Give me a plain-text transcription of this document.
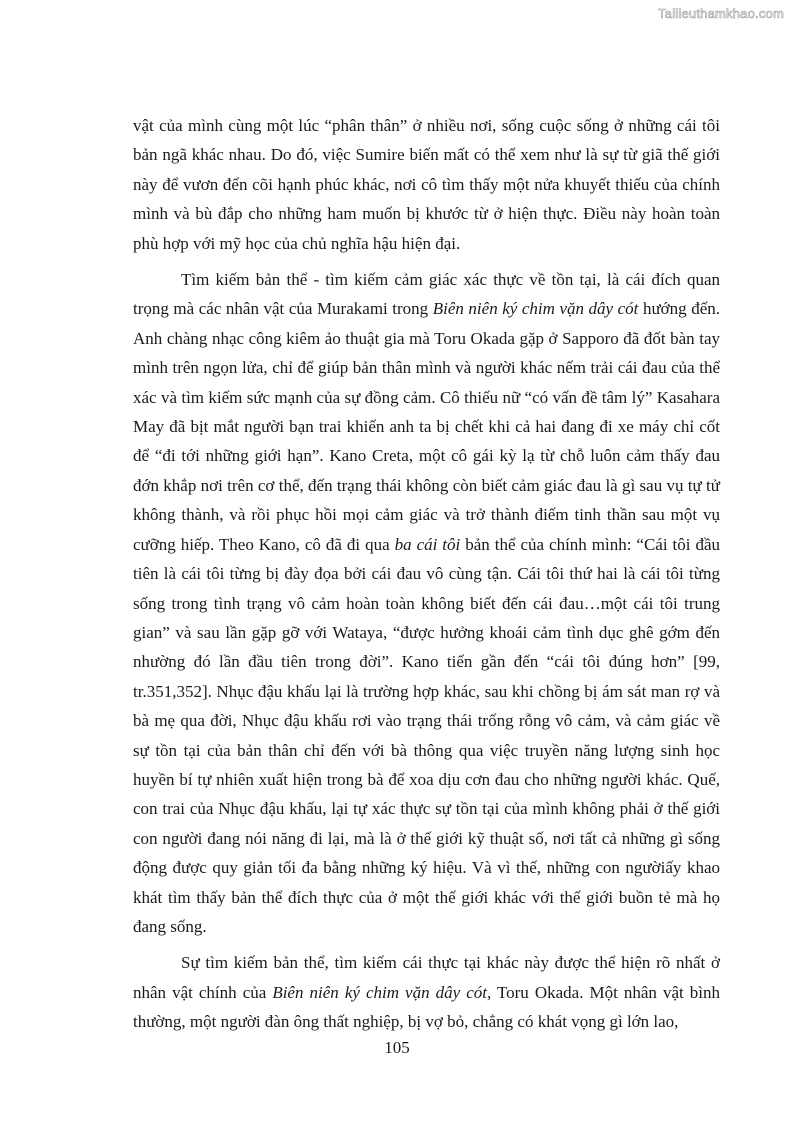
Tailieuthamkhao.com

vật của mình cùng một lúc “phân thân” ở nhiều nơi, sống cuộc sống ở những cái tôi bản ngã khác nhau. Do đó, việc Sumire biến mất có thể xem như là sự từ giã thế giới này để vươn đến cõi hạnh phúc khác, nơi cô tìm thấy một nửa khuyết thiếu của chính mình và bù đắp cho những ham muốn bị khước từ ở hiện thực. Điều này hoàn toàn phù hợp với mỹ học của chủ nghĩa hậu hiện đại.

Tìm kiếm bản thể - tìm kiếm cảm giác xác thực về tồn tại, là cái đích quan trọng mà các nhân vật của Murakami trong Biên niên ký chim vặn dây cót hướng đến. Anh chàng nhạc công kiêm ảo thuật gia mà Toru Okada gặp ở Sapporo đã đốt bàn tay mình trên ngọn lửa, chỉ để giúp bản thân mình và người khác nếm trải cái đau của thể xác và tìm kiếm sức mạnh của sự đồng cảm. Cô thiếu nữ “có vấn đề tâm lý” Kasahara May đã bịt mắt người bạn trai khiến anh ta bị chết khi cả hai đang đi xe máy chỉ cốt để “đi tới những giới hạn”. Kano Creta, một cô gái kỳ lạ từ chỗ luôn cảm thấy đau đớn khắp nơi trên cơ thể, đến trạng thái không còn biết cảm giác đau là gì sau vụ tự tử không thành, và rồi phục hồi mọi cảm giác và trở thành điếm tinh thần sau một vụ cưỡng hiếp. Theo Kano, cô đã đi qua ba cái tôi bản thể của chính mình: “Cái tôi đầu tiên là cái tôi từng bị đày đọa bởi cái đau vô cùng tận. Cái tôi thứ hai là cái tôi từng sống trong tình trạng vô cảm hoàn toàn không biết đến cái đau…một cái tôi trung gian” và sau lần gặp gỡ với Wataya, “được hưởng khoái cảm tình dục ghê gớm đến nhường đó lần đầu tiên trong đời”. Kano tiến gần đến “cái tôi đúng hơn” [99, tr.351,352]. Nhục đậu khấu lại là trường hợp khác, sau khi chồng bị ám sát man rợ và bà mẹ qua đời, Nhục đậu khấu rơi vào trạng thái trống rỗng vô cảm, và cảm giác về sự tồn tại của bản thân chỉ đến với bà thông qua việc truyền năng lượng sinh học huyền bí tự nhiên xuất hiện trong bà để xoa dịu cơn đau cho những người khác. Quế, con trai của Nhục đậu khấu, lại tự xác thực sự tồn tại của mình không phải ở thế giới con người đang nói năng đi lại, mà là ở thế giới kỹ thuật số, nơi tất cả những gì sống động được quy giản tối đa bằng những ký hiệu. Và vì thế, những con ngườiấy khao khát tìm thấy bản thể đích thực của ở một thế giới khác với thế giới buồn tẻ mà họ đang sống.

Sự tìm kiếm bản thể, tìm kiếm cái thực tại khác này được thể hiện rõ nhất ở nhân vật chính của Biên niên ký chim vặn dây cót, Toru Okada. Một nhân vật bình thường, một người đàn ông thất nghiệp, bị vợ bỏ, chẳng có khát vọng gì lớn lao,

105
